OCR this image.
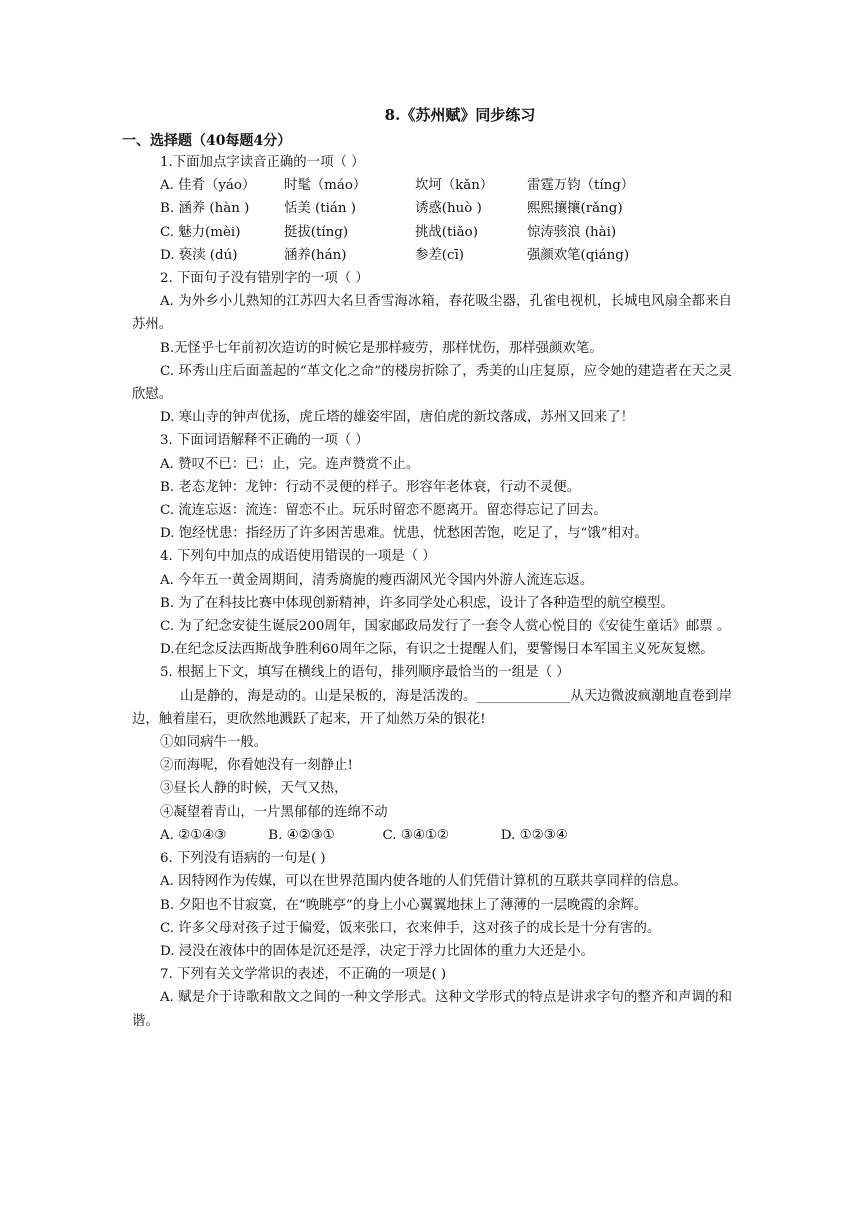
8.《苏州赋》同步练习
一、选择题（40每题4分）

1.下面加点字读音正确的一项（ ）

A. 佳肴（yáo）	时髦（máo）	坎坷（kǎn）	雷霆万钧（tíng）
B. 涵养 (hàn )	恬美 (tián )	诱惑(huò )	熙熙攘攘(rǎng)
C. 魅力(mèi)	挺拔(tíng)	挑战(tiǎo)	惊涛骇浪 (hài)
D. 亵渎 (dú)	涵养(hán)	参差(cī)	强颜欢笔(qiáng)

2. 下面句子没有错别字的一项（ ）

A. 为外乡小儿熟知的江苏四大名旦香雪海冰箱，春花吸尘器，孔雀电视机，长城电风扇全都来自苏州。

B.无怪乎七年前初次造访的时候它是那样疲劳，那样忧伤，那样强颜欢笔。

C. 环秀山庄后面盖起的“革文化之命”的楼房折除了，秀美的山庄复原，应令她的建造者在天之灵欣慰。

D. 寒山寺的钟声优扬，虎丘塔的雄姿牢固，唐伯虎的新坟落成，苏州又回来了！

3. 下面词语解释不正确的一项（ ）

A. 赞叹不已：已：止，完。连声赞赏不止。

B. 老态龙钟：龙钟：行动不灵便的样子。形容年老体衰，行动不灵便。

C. 流连忘返：流连：留恋不止。玩乐时留恋不愿离开。留恋得忘记了回去。

D. 饱经忧患：指经历了许多困苦患难。忧患，忧愁困苦饱，吃足了，与“饿”相对。

4. 下列句中加点的成语使用错误的一项是（ ）

A. 今年五一黄金周期间，清秀旖旎的瘦西湖风光令国内外游人流连忘返。

B. 为了在科技比赛中体现创新精神，许多同学处心积虑，设计了各种造型的航空模型。

C. 为了纪念安徒生诞辰200周年，国家邮政局发行了一套令人赏心悦目的《安徒生童话》邮票 。

D.在纪念反法西斯战争胜利60周年之际，有识之士提醒人们，要警惕日本军国主义死灰复燃。

5. 根据上下文，填写在横线上的语句，排列顺序最恰当的一组是（ ）

山是静的，海是动的。山是呆板的，海是活泼的。______________从天边微波疯潮地直卷到岸边，触着崖石，更欣然地溅跃了起来，开了灿然万朵的银花!

①如同病牛一般。

②而海呢，你看她没有一刻静止!

③昼长人静的时候，天气又热，

④凝望着青山，一片黑郁郁的连绵不动

A. ②①④③	B. ④②③①	C. ③④①②	D. ①②③④

6. 下列没有语病的一句是( )

A. 因特网作为传媒，可以在世界范围内使各地的人们凭借计算机的互联共享同样的信息。

B. 夕阳也不甘寂寞，在“晚眺亭”的身上小心翼翼地抹上了薄薄的一层晚霞的余辉。

C. 许多父母对孩子过于偏爱，饭来张口，衣来伸手，这对孩子的成长是十分有害的。

D. 浸没在液体中的固体是沉还是浮，决定于浮力比固体的重力大还是小。

7. 下列有关文学常识的表述，不正确的一项是( )

A. 赋是介于诗歌和散文之间的一种文学形式。这种文学形式的特点是讲求字句的整齐和声调的和谐。
